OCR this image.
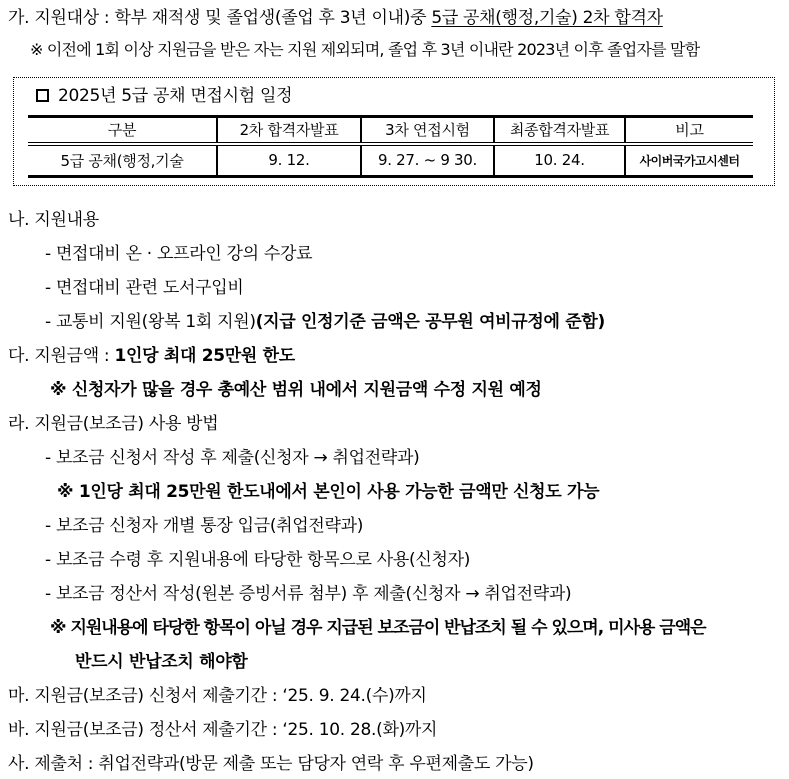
가. 지원대상 : 학부 재적생 및 졸업생(졸업 후 3년 이내)중 5급 공채(행정,기술) 2차 합격자
※ 이전에 1회 이상 지원금을 받은 자는 지원 제외되며, 졸업 후 3년 이내란 2023년 이후 졸업자를 말함
2025년 5급 공채 면접시험 일정
구분	2차 합격자발표	3차 연접시험	최종합격자발표	비고
5급 공채(행정,기술	9. 12.	9. 27. ~ 9 30.	10. 24.	사이버국가고시센터
나. 지원내용
- 면접대비 온 · 오프라인 강의 수강료
- 면접대비 관련 도서구입비
- 교통비 지원(왕복 1회 지원)(지급 인정기준 금액은 공무원 여비규정에 준함)
다. 지원금액 : 1인당 최대 25만원 한도
※ 신청자가 많을 경우 총예산 범위 내에서 지원금액 수정 지원 예정
라. 지원금(보조금) 사용 방법
- 보조금 신청서 작성 후 제출(신청자 → 취업전략과)
※ 1인당 최대 25만원 한도내에서 본인이 사용 가능한 금액만 신청도 가능
- 보조금 신청자 개별 통장 입금(취업전략과)
- 보조금 수령 후 지원내용에 타당한 항목으로 사용(신청자)
- 보조금 정산서 작성(원본 증빙서류 첨부) 후 제출(신청자 → 취업전략과)
※ 지원내용에 타당한 항목이 아닐 경우 지급된 보조금이 반납조치 될 수 있으며, 미사용 금액은
반드시 반납조치 해야함
마. 지원금(보조금) 신청서 제출기간 : ‘25. 9. 24.(수)까지
바. 지원금(보조금) 정산서 제출기간 : ‘25. 10. 28.(화)까지
사. 제출처 : 취업전략과(방문 제출 또는 담당자 연락 후 우편제출도 가능)
